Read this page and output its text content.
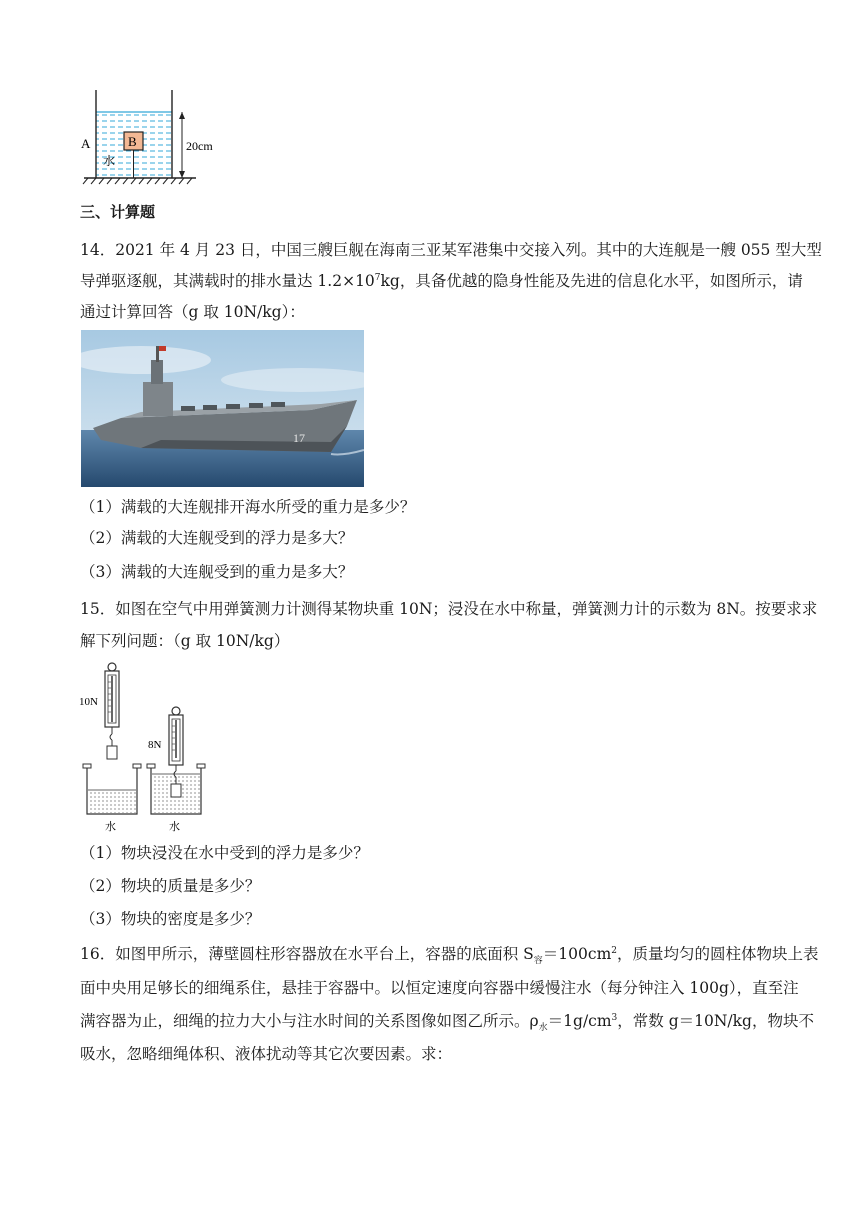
A	B
水
20cm
三、计算题
14．2021 年 4 月 23 日，中国三艘巨舰在海南三亚某军港集中交接入列。其中的大连舰是一艘 055 型大型
导弹驱逐舰，其满载时的排水量达 $1.2\times 10^7kg$，具备优越的隐身性能及先进的信息化水平，如图所示，请
通过计算回答（g 取 10N/kg）：
17
（1）满载的大连舰排开海水所受的重力是多少？
（2）满载的大连舰受到的浮力是多大？
（3）满载的大连舰受到的重力是多大？
15．如图在空气中用弹簧测力计测得某物块重 10N；浸没在水中称量，弹簧测力计的示数为 8N。按要求求
解下列问题：（g 取 10N/kg）
10N
水
8N
水
（1）物块浸没在水中受到的浮力是多少？
（2）物块的质量是多少？
（3）物块的密度是多少？
16．如图甲所示，薄壁圆柱形容器放在水平台上，容器的底面积 $S_容=100cm^2$，质量均匀的圆柱体物块上表
面中央用足够长的细绳系住，悬挂于容器中。以恒定速度向容器中缓慢注水（每分钟注入 100g），直至注
满容器为止，细绳的拉力大小与注水时间的关系图像如图乙所示。$\rho_水=1g/cm^3$，常数 g＝10N/kg，物块不
吸水，忽略细绳体积、液体扰动等其它次要因素。求：
